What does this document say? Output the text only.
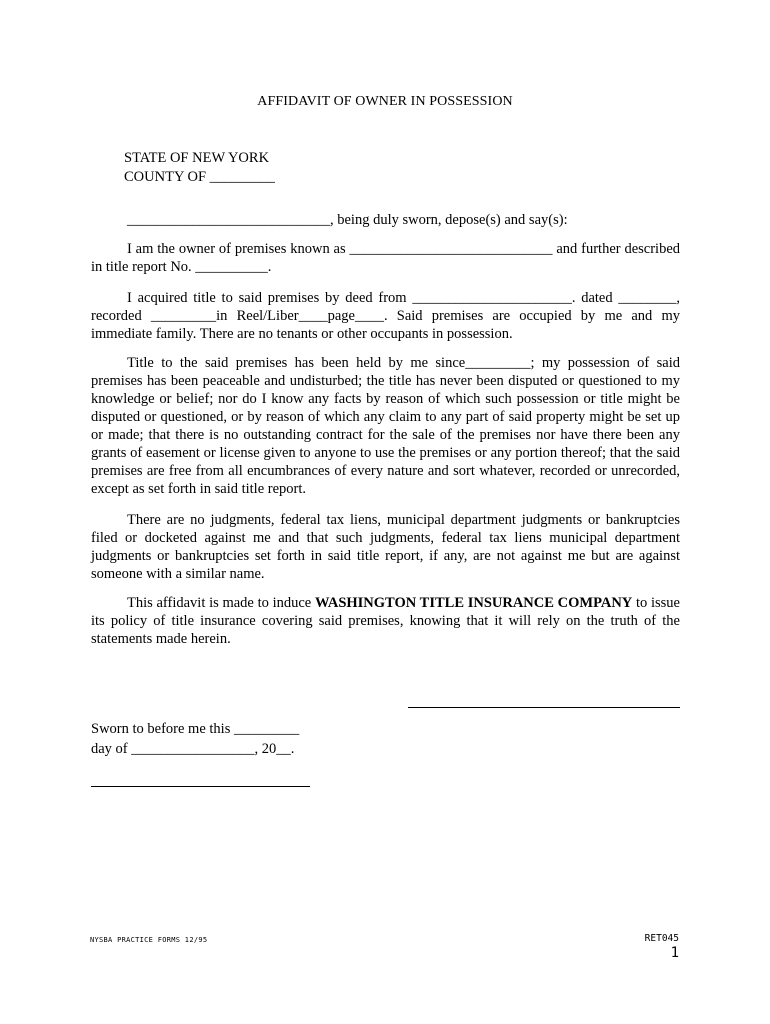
AFFIDAVIT OF OWNER IN POSSESSION
STATE OF NEW YORK
COUNTY OF _________

____________________________, being duly sworn, depose(s) and say(s):

I am the owner of premises known as ____________________________ and further described in title report No. __________.

I acquired title to said premises by deed from ______________________. dated ________, recorded _________in Reel/Liber____page____. Said premises are occupied by me and my immediate family. There are no tenants or other occupants in possession.

Title to the said premises has been held by me since_________; my possession of said premises has been peaceable and undisturbed; the title has never been disputed or questioned to my knowledge or belief; nor do I know any facts by reason of which such possession or title might be disputed or questioned, or by reason of which any claim to any part of said property might be set up or made; that there is no outstanding contract for the sale of the premises nor have there been any grants of easement or license given to anyone to use the premises or any portion thereof; that the said premises are free from all encumbrances of every nature and sort whatever, recorded or unrecorded, except as set forth in said title report.

There are no judgments, federal tax liens, municipal department judgments or bankruptcies filed or docketed against me and that such judgments, federal tax liens municipal department judgments or bankruptcies set forth in said title report, if any, are not against me but are against someone with a similar name.

This affidavit is made to induce WASHINGTON TITLE INSURANCE COMPANY to issue its policy of title insurance covering said premises, knowing that it will rely on the truth of the statements made herein.

Sworn to before me this _________
day of _________________, 20__.
NYSBA PRACTICE FORMS 12/95	RET045
1
